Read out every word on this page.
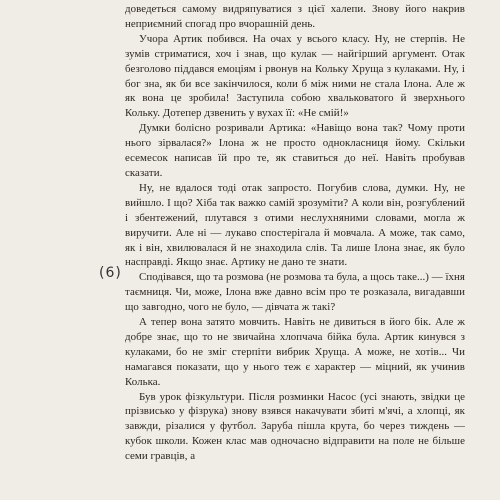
(6)

доведеться самому видряпуватися з цієї халепи. Знову його накрив неприємний спогад про вчорашній день.

Учора Артик побився. На очах у всього класу. Ну, не стерпів. Не зумів стриматися, хоч і знав, що кулак — найгірший аргумент. Отак безголово піддався емоціям і рвонув на Кольку Хруща з кулаками. Ну, і бог зна, як би все закінчилося, коли б між ними не стала Ілона. Але ж як вона це зробила! Заступила собою хвальковатого й зверхнього Кольку. Дотепер дзвенить у вухах її: «Не смій!»

Думки болісно розривали Артика: «Навіщо вона так? Чому проти нього зірвалася?» Ілона ж не просто однокласниця йому. Скільки есемесок написав їй про те, як ставиться до неї. Навіть пробував сказати.

Ну, не вдалося тоді отак запросто. Погубив слова, думки. Ну, не вийшло. І що? Хіба так важко самій зрозуміти? А коли він, розгублений і збентежений, плутався з отими неслухняними словами, могла ж виручити. Але ні — лукаво спостерігала й мовчала. А може, так само, як і він, хвилювалася й не знаходила слів. Та лише Ілона знає, як було насправді. Якщо знає. Артику не дано те знати.

Сподівався, що та розмова (не розмова та була, а щось таке...) — їхня таємниця. Чи, може, Ілона вже давно всім про те розказала, вигадавши що завгодно, чого не було, — дівчата ж такі?

А тепер вона затято мовчить. Навіть не дивиться в його бік. Але ж добре знає, що то не звичайна хлопчача бійка була. Артик кинувся з кулаками, бо не зміг стерпіти вибрик Хруща. А може, не хотів... Чи намагався показати, що у нього теж є характер — міцний, як учинив Колька.

Був урок фізкультури. Після розминки Насос (усі знають, звідки це прізвисько у фізрука) знову взявся накачувати збиті м'ячі, а хлопці, як завжди, різалися у футбол. Заруба пішла крута, бо через тиждень — кубок школи. Кожен клас мав одночасно відправити на поле не більше семи гравців, а
